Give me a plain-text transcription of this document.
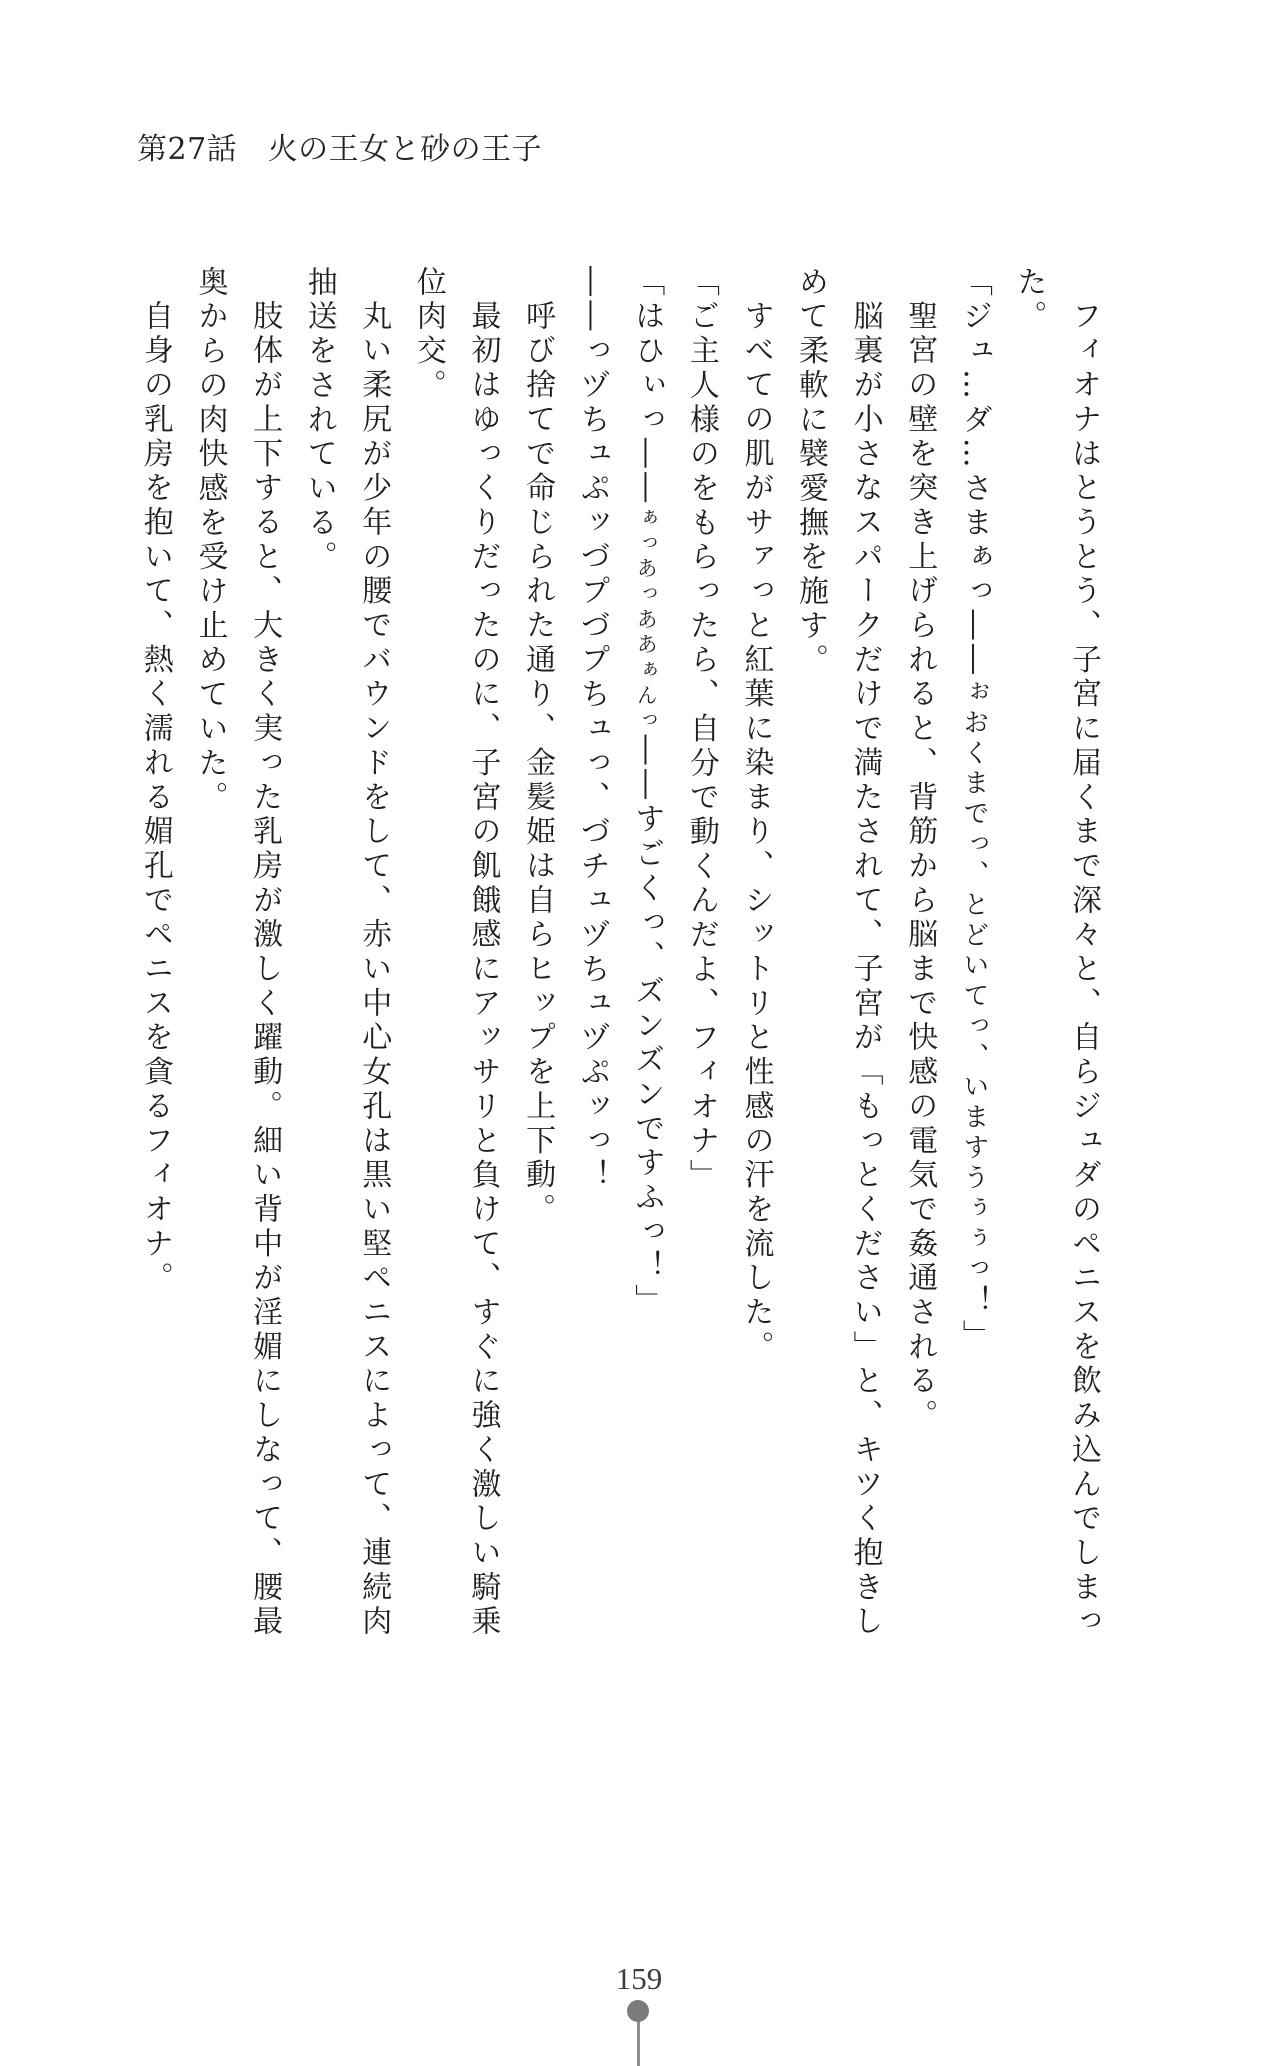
第27話　火の王女と砂の王子

フィオナはとうとう、子宮に届くまで深々と、自らジュダのペニスを飲み込んでしまった。

「ジュ…ダ…さまぁっ――ぉおくまでっ、とどいてっ、いますうぅぅっ！」

聖宮の壁を突き上げられると、背筋から脳まで快感の電気で姦通される。

脳裏が小さなスパークだけで満たされて、子宮が「もっとください」と、キツく抱きしめて柔軟に襞愛撫を施す。

すべての肌がサァっと紅葉に染まり、シットリと性感の汗を流した。

「ご主人様のをもらったら、自分で動くんだよ、フィオナ」

「はひぃっ――ぁっあっああぁんっ――すごくっ、ズンズンですふっ！」

――っヅちュぷッづプづプちュっ、づチュヅちュヅぷッっ！

呼び捨てで命じられた通り、金髪姫は自らヒップを上下動。

最初はゆっくりだったのに、子宮の飢餓感にアッサリと負けて、すぐに強く激しい騎乗位肉交。

丸い柔尻が少年の腰でバウンドをして、赤い中心女孔は黒い堅ペニスによって、連続肉抽送をされている。

肢体が上下すると、大きく実った乳房が激しく躍動。細い背中が淫媚にしなって、腰最奥からの肉快感を受け止めていた。

自身の乳房を抱いて、熱く濡れる媚孔でペニスを貪るフィオナ。

159
